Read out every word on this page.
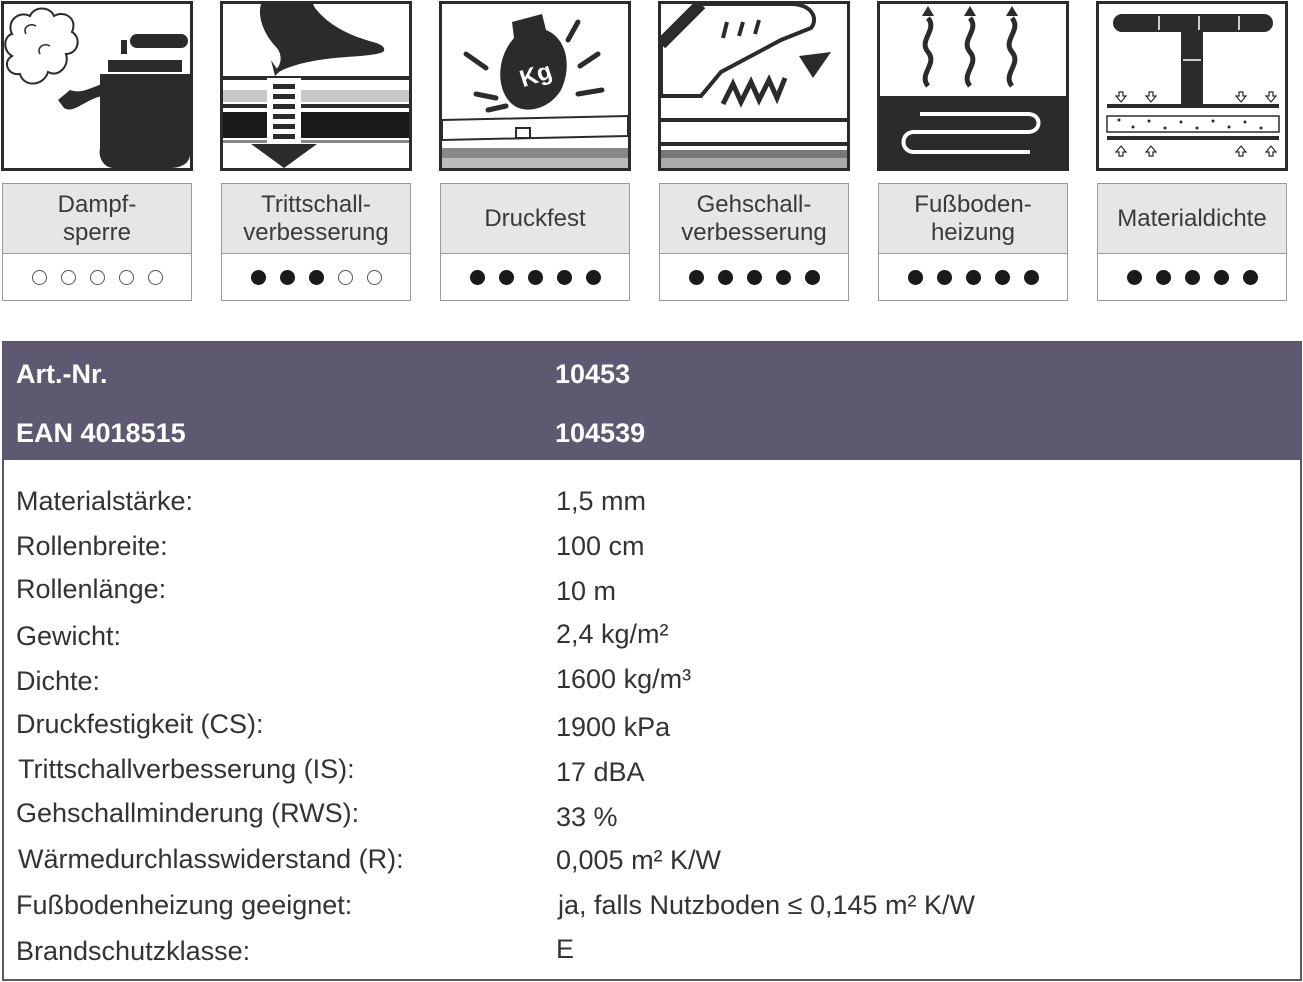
Dampf-
sperre
Trittschall-
verbesserung
Kg
Druckfest
Gehschall-
verbesserung
Fußboden-
heizung
Materialdichte
Art.-Nr.	10453
EAN 4018515	104539
Materialstärke:	1,5 mm
Rollenbreite:	100 cm
Rollenlänge:	10 m
Gewicht:	2,4 kg/m²
Dichte:	1600 kg/m³
Druckfestigkeit (CS):	1900 kPa
Trittschallverbesserung (IS):	17 dBA
Gehschallminderung (RWS):	33 %
Wärmedurchlasswiderstand (R):	0,005 m² K/W
Fußbodenheizung geeignet:	ja, falls Nutzboden ≤ 0,145 m² K/W
Brandschutzklasse:	E
